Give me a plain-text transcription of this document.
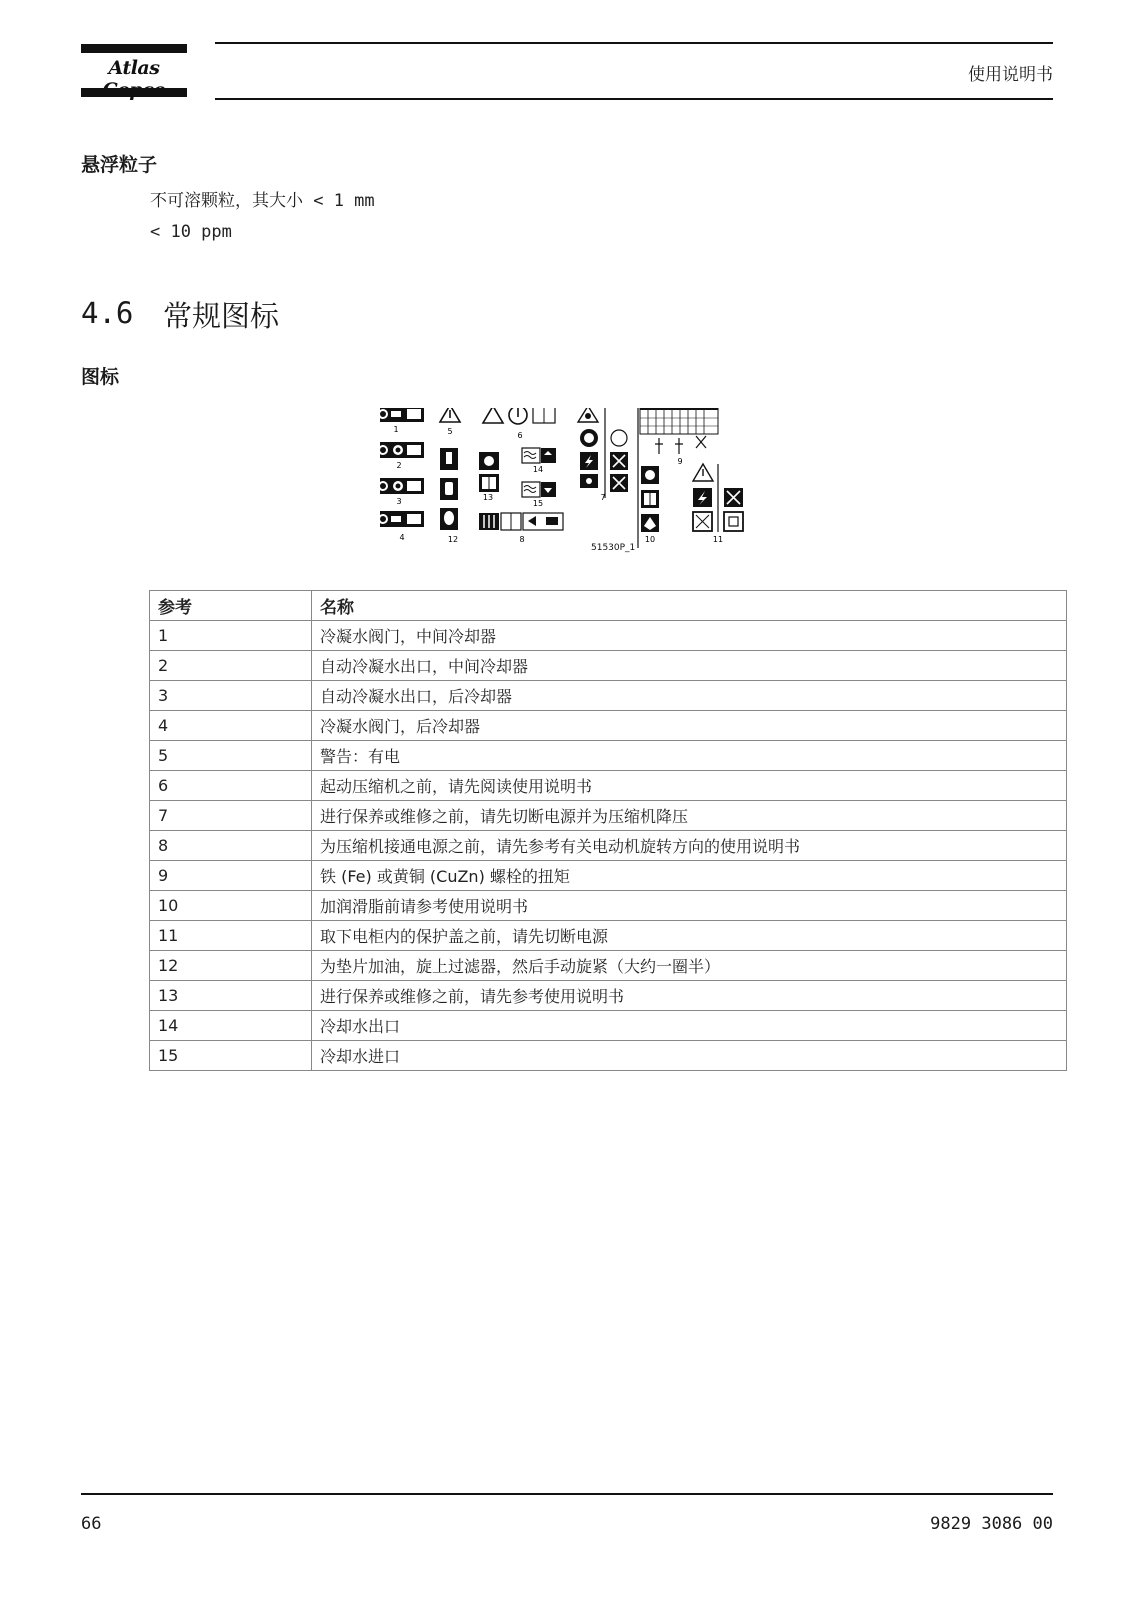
Atlas	使用说明书
悬浮粒子
不可溶颗粒，其大小 < 1 mm
< 10 ppm
4.6 常规图标
图标
1
2
3
4
5	6
7
8
9
10	11
12
13
14
15
51530P_1
参考	名称
1	冷凝水阀门，中间冷却器
2	自动冷凝水出口，中间冷却器
3	自动冷凝水出口，后冷却器
4	冷凝水阀门，后冷却器
5	警告：有电
6	起动压缩机之前，请先阅读使用说明书
7	进行保养或维修之前，请先切断电源并为压缩机降压
8	为压缩机接通电源之前，请先参考有关电动机旋转方向的使用说明书
9	铁 (Fe) 或黄铜 (CuZn) 螺栓的扭矩
10	加润滑脂前请参考使用说明书
11	取下电柜内的保护盖之前，请先切断电源
12	为垫片加油，旋上过滤器，然后手动旋紧（大约一圈半）
13	进行保养或维修之前，请先参考使用说明书
14	冷却水出口
15	冷却水进口
66	9829 3086 00
